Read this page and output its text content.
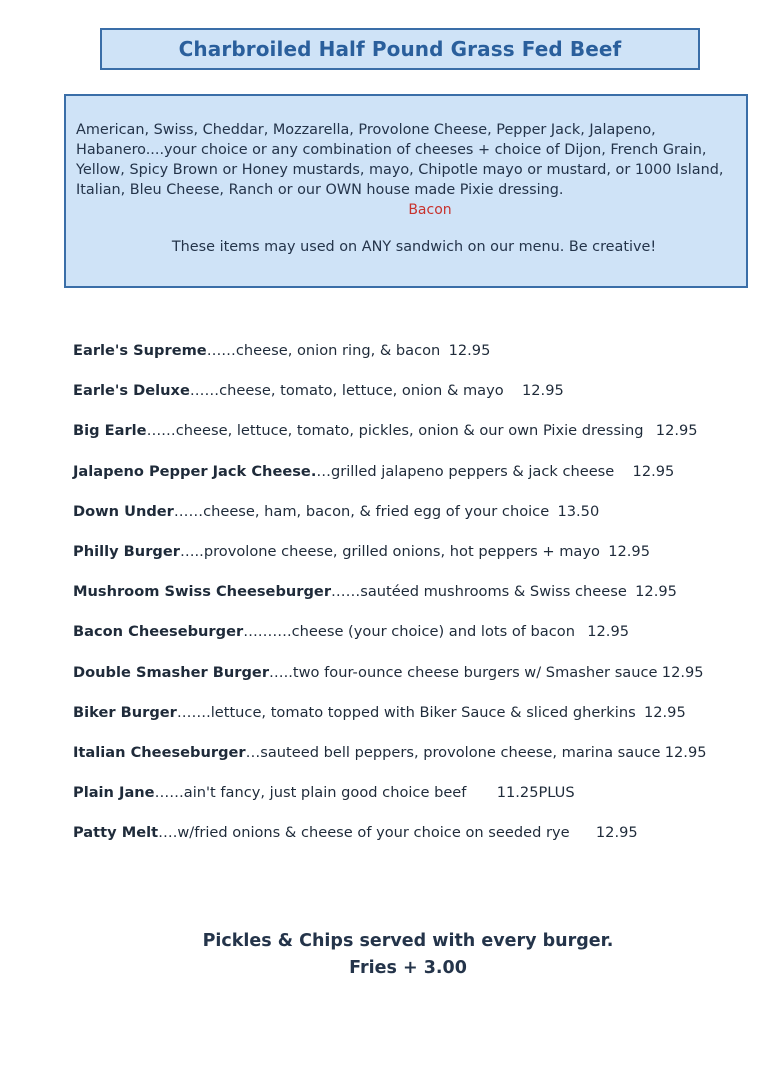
Charbroiled Half Pound Grass Fed Beef
American, Swiss, Cheddar, Mozzarella, Provolone Cheese, Pepper Jack, Jalapeno, Habanero....your choice or any combination of cheeses + choice of Dijon, French Grain, Yellow, Spicy Brown or Honey mustards, mayo, Chipotle mayo or mustard, or 1000 Island, Italian, Bleu Cheese, Ranch or our OWN house made Pixie dressing.
Bacon
These items may used on ANY sandwich on our menu. Be creative!
Earle's Supreme……cheese, onion ring, & bacon 12.95
Earle's Deluxe……cheese, tomato, lettuce, onion & mayo 12.95
Big Earle……cheese, lettuce, tomato, pickles, onion & our own Pixie dressing 12.95
Jalapeno Pepper Jack Cheese.…grilled jalapeno peppers & jack cheese 12.95
Down Under……cheese, ham, bacon, & fried egg of your choice 13.50
Philly Burger…..provolone cheese, grilled onions, hot peppers + mayo 12.95
Mushroom Swiss Cheeseburger……sautéed mushrooms & Swiss cheese 12.95
Bacon Cheeseburger……….cheese (your choice) and lots of bacon 12.95
Double Smasher Burger…..two four-ounce cheese burgers w/ Smasher sauce 12.95
Biker Burger…….lettuce, tomato topped with Biker Sauce & sliced gherkins 12.95
Italian Cheeseburger…sauteed bell peppers, provolone cheese, marina sauce 12.95
Plain Jane……ain't fancy, just plain good choice beef 11.25PLUS
Patty Melt….w/fried onions & cheese of your choice on seeded rye 12.95
Pickles & Chips served with every burger.
Fries + 3.00
